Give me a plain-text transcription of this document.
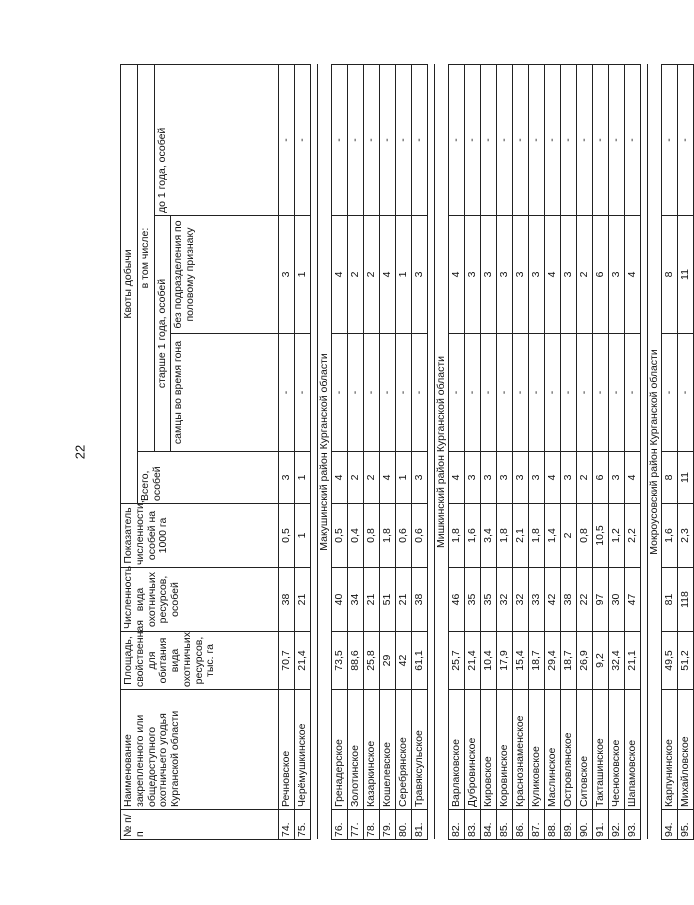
22
№ п/п	Наименование закрепленного или общедоступного охотничьего угодья Курганской области	Площадь, свойственная для обитания вида охотничьих ресурсов, тыс. га	Численность вида охотничьих ресурсов, особей	Показатель численности, особей на 1000 га	Квоты добычи			
					Всего, особей	в том числе:		
						старше 1 года, особей		до 1 года, особей
						самцы во время гона	без подразделения по половому признаку	
74.	Речновское	70,7	38	0,5	3	-	3	-
75.	Черёмушкинское	21,4	21	1	1	-	1	-

Макушинский район Курганской области								
76.	Гренадерское	73,5	40	0,5	4	-	4	-
77.	Золотинское	88,6	34	0,4	2	-	2	-
78.	Казаркинское	25,8	21	0,8	2	-	2	-
79.	Кошелевское	29	51	1,8	4	-	4	-
80.	Серебрянское	42	21	0,6	1	-	1	-
81.	Травяксульское	61,1	38	0,6	3	-	3	-

Мишкинский район Курганской области								
82.	Варлаковское	25,7	46	1,8	4	-	4	-
83.	Дубровинское	21,4	35	1,6	3	-	3	-
84.	Кировское	10,4	35	3,4	3	-	3	-
85.	Коровинское	17,9	32	1,8	3	-	3	-
86.	Краснознаменское	15,4	32	2,1	3	-	3	-
87.	Куликовское	18,7	33	1,8	3	-	3	-
88.	Маслинское	29,4	42	1,4	4	-	4	-
89.	Островлянское	18,7	38	2	3	-	3	-
90.	Ситовское	26,9	22	0,8	2	-	2	-
91.	Такташинское	9,2	97	10,5	6	-	6	-
92.	Чесноковское	32,4	30	1,2	3	-	3	-
93.	Шапамовское	21,1	47	2,2	4	-	4	-

Мокроусовский район Курганской области								
94.	Карпунинское	49,5	81	1,6	8	-	8	-
95.	Михайловское	51,2	118	2,3	11	-	11	-
